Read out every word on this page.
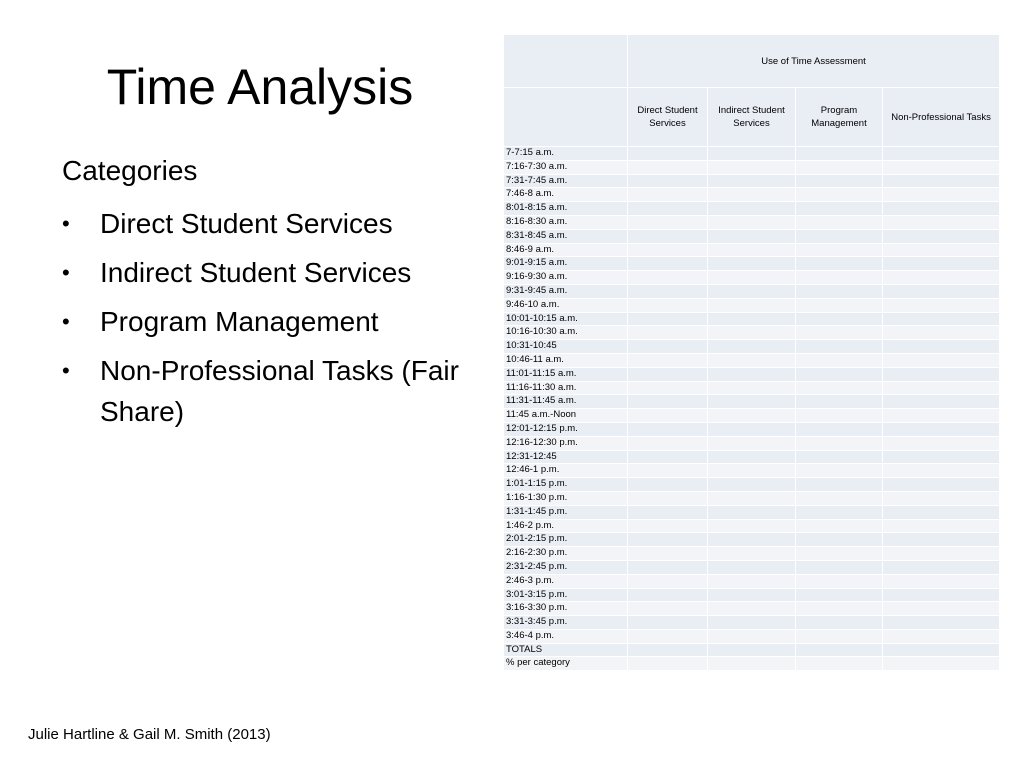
Time Analysis

Categories

• Direct Student Services
• Indirect Student Services
• Program Management
• Non-Professional Tasks (Fair Share)
Julie Hartline & Gail M. Smith (2013)
	Use of Time Assessment			
	Direct Student Services	Indirect Student Services	Program Management	Non-Professional Tasks
7-7:15 a.m.				
7:16-7:30 a.m.				
7:31-7:45 a.m.				
7:46-8 a.m.				
8:01-8:15 a.m.				
8:16-8:30 a.m.				
8:31-8:45 a.m.				
8:46-9 a.m.				
9:01-9:15 a.m.				
9:16-9:30 a.m.				
9:31-9:45 a.m.				
9:46-10 a.m.				
10:01-10:15 a.m.				
10:16-10:30 a.m.				
10:31-10:45				
10:46-11 a.m.				
11:01-11:15 a.m.				
11:16-11:30 a.m.				
11:31-11:45 a.m.				
11:45 a.m.-Noon				
12:01-12:15 p.m.				
12:16-12:30 p.m.				
12:31-12:45				
12:46-1 p.m.				
1:01-1:15 p.m.				
1:16-1:30 p.m.				
1:31-1:45 p.m.				
1:46-2 p.m.				
2:01-2:15 p.m.				
2:16-2:30 p.m.				
2:31-2:45 p.m.				
2:46-3 p.m.				
3:01-3:15 p.m.				
3:16-3:30 p.m.				
3:31-3:45 p.m.				
3:46-4 p.m.				
TOTALS				
% per category				
